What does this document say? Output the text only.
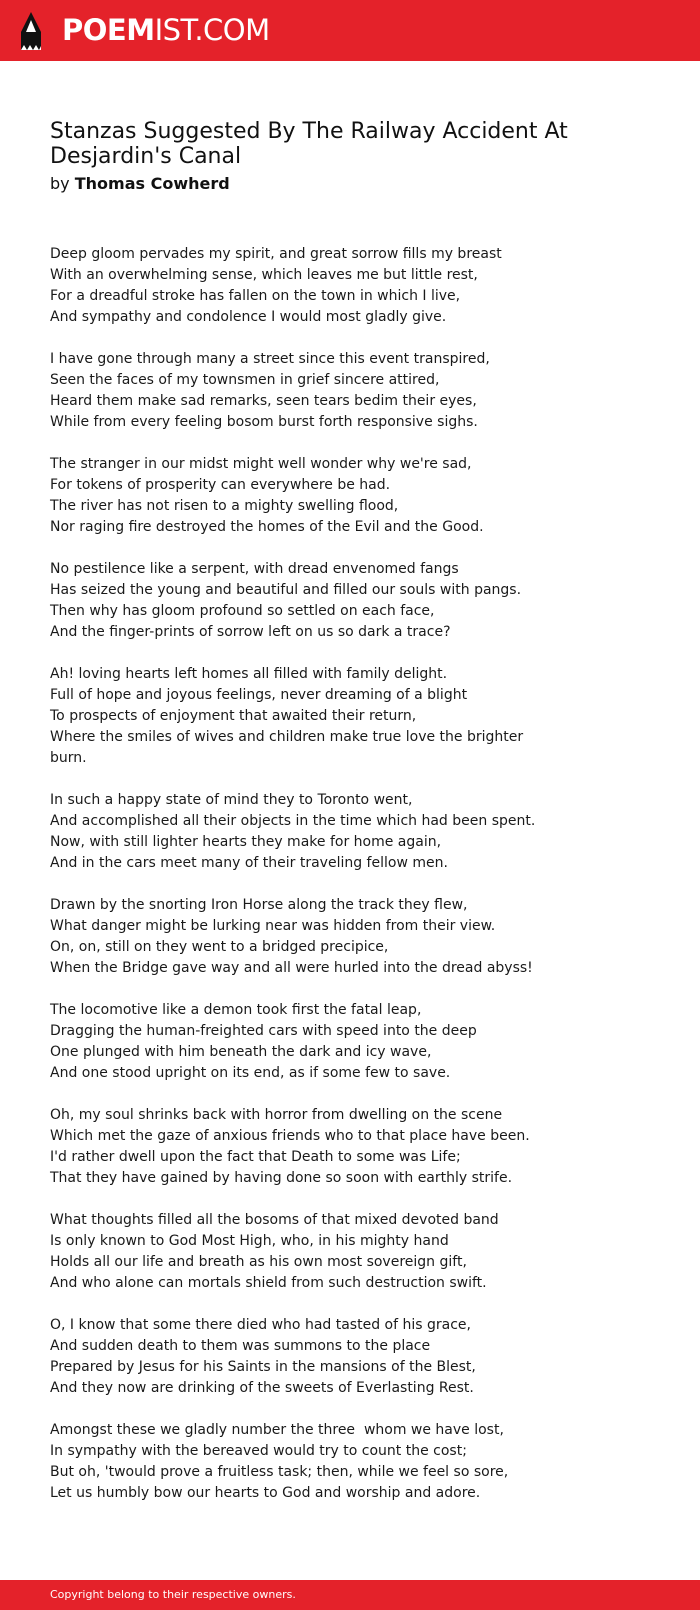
POEMIST.COM
Stanzas Suggested By The Railway Accident At Desjardin's Canal
by Thomas Cowherd
Deep gloom pervades my spirit, and great sorrow fills my breast
With an overwhelming sense, which leaves me but little rest,
For a dreadful stroke has fallen on the town in which I live,
And sympathy and condolence I would most gladly give.
I have gone through many a street since this event transpired,
Seen the faces of my townsmen in grief sincere attired,
Heard them make sad remarks, seen tears bedim their eyes,
While from every feeling bosom burst forth responsive sighs.
The stranger in our midst might well wonder why we're sad,
For tokens of prosperity can everywhere be had.
The river has not risen to a mighty swelling flood,
Nor raging fire destroyed the homes of the Evil and the Good.
No pestilence like a serpent, with dread envenomed fangs
Has seized the young and beautiful and filled our souls with pangs.
Then why has gloom profound so settled on each face,
And the finger-prints of sorrow left on us so dark a trace?
Ah! loving hearts left homes all filled with family delight.
Full of hope and joyous feelings, never dreaming of a blight
To prospects of enjoyment that awaited their return,
Where the smiles of wives and children make true love the brighter
burn.
In such a happy state of mind they to Toronto went,
And accomplished all their objects in the time which had been spent.
Now, with still lighter hearts they make for home again,
And in the cars meet many of their traveling fellow men.
Drawn by the snorting Iron Horse along the track they flew,
What danger might be lurking near was hidden from their view.
On, on, still on they went to a bridged precipice,
When the Bridge gave way and all were hurled into the dread abyss!
The locomotive like a demon took first the fatal leap,
Dragging the human-freighted cars with speed into the deep
One plunged with him beneath the dark and icy wave,
And one stood upright on its end, as if some few to save.
Oh, my soul shrinks back with horror from dwelling on the scene
Which met the gaze of anxious friends who to that place have been.
I'd rather dwell upon the fact that Death to some was Life;
That they have gained by having done so soon with earthly strife.
What thoughts filled all the bosoms of that mixed devoted band
Is only known to God Most High, who, in his mighty hand
Holds all our life and breath as his own most sovereign gift,
And who alone can mortals shield from such destruction swift.
O, I know that some there died who had tasted of his grace,
And sudden death to them was summons to the place
Prepared by Jesus for his Saints in the mansions of the Blest,
And they now are drinking of the sweets of Everlasting Rest.
Amongst these we gladly number the three  whom we have lost,
In sympathy with the bereaved would try to count the cost;
But oh, 'twould prove a fruitless task; then, while we feel so sore,
Let us humbly bow our hearts to God and worship and adore.
Copyright belong to their respective owners.
